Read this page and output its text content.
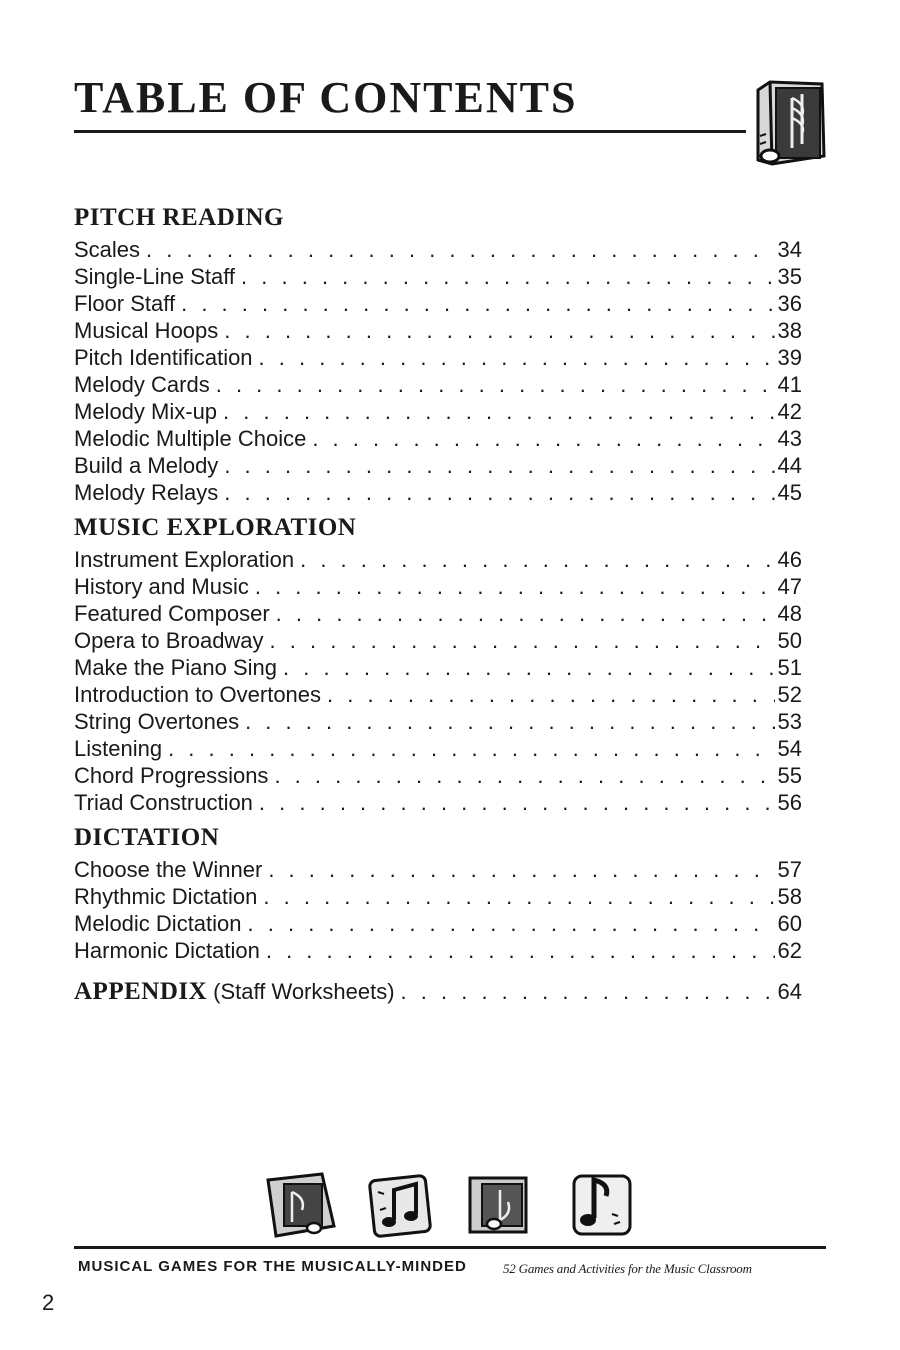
TABLE OF CONTENTS
PITCH READING
Scales . . .	34
Single-Line Staff . . .	35
Floor Staff . . .	36
Musical Hoops . . .	38
Pitch Identification . . .	39
Melody Cards . . .	41
Melody Mix-up . . .	42
Melodic Multiple Choice . . .	43
Build a Melody . . .	44
Melody Relays . . .	45
MUSIC EXPLORATION
Instrument Exploration . . .	46
History and Music . . .	47
Featured Composer . . .	48
Opera to Broadway . . .	50
Make the Piano Sing . . .	51
Introduction to Overtones . . .	52
String Overtones . . .	53
Listening . . .	54
Chord Progressions . . .	55
Triad Construction . . .	56
DICTATION
Choose the Winner . . .	57
Rhythmic Dictation . . .	58
Melodic Dictation . . .	60
Harmonic Dictation . . .	62
APPENDIX (Staff Worksheets) . . .	64
MUSICAL GAMES FOR THE MUSICALLY-MINDED	52 Games and Activities for the Music Classroom
2
